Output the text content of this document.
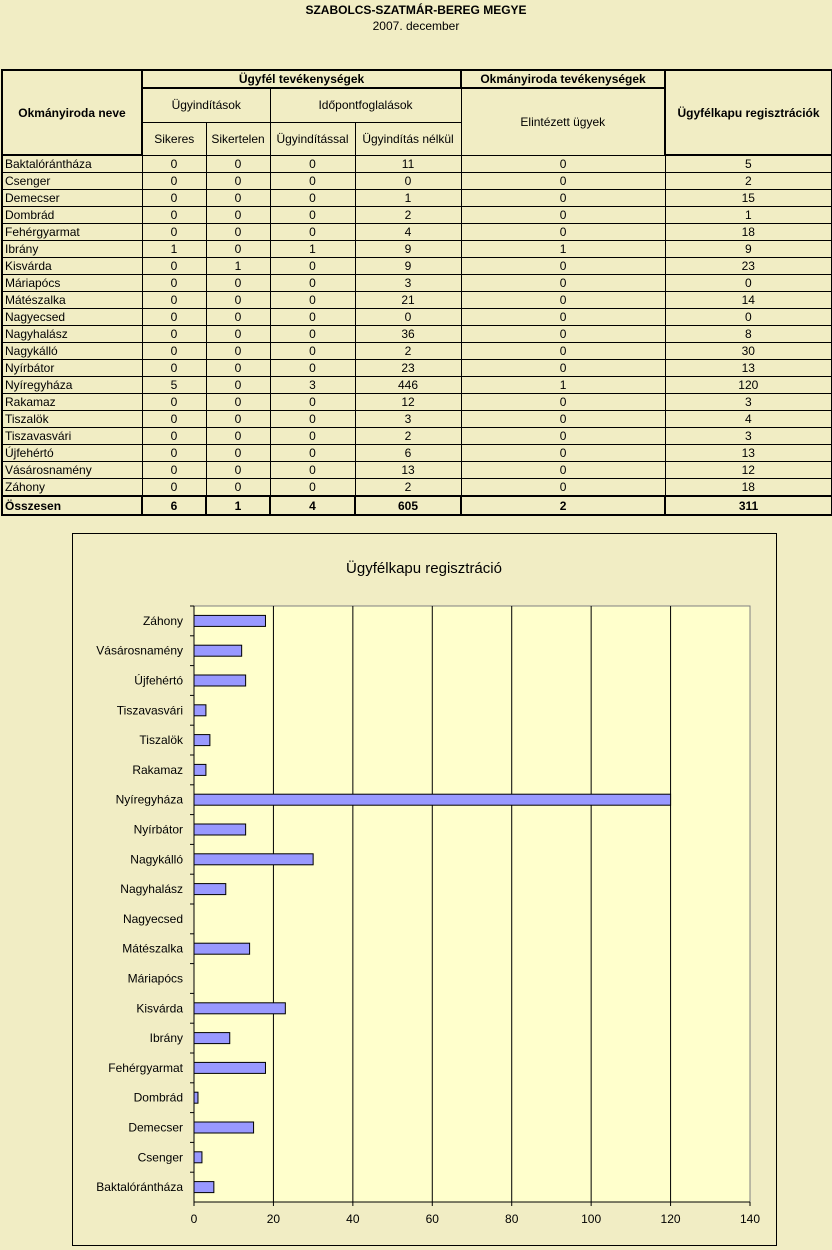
SZABOLCS-SZATMÁR-BEREG MEGYE
2007. december
Okmányiroda neve	Ügyfél tevékenységek				Okmányiroda tevékenységek	Ügyfélkapu regisztrációk
	Ügyindítások		Időpontfoglalások		Elintézett ügyek	
	Sikeres	Sikertelen	Ügyindítással	Ügyindítás nélkül		
Baktalórántháza	0	0	0	11	0	5
Csenger	0	0	0	0	0	2
Demecser	0	0	0	1	0	15
Dombrád	0	0	0	2	0	1
Fehérgyarmat	0	0	0	4	0	18
Ibrány	1	0	1	9	1	9
Kisvárda	0	1	0	9	0	23
Máriapócs	0	0	0	3	0	0
Mátészalka	0	0	0	21	0	14
Nagyecsed	0	0	0	0	0	0
Nagyhalász	0	0	0	36	0	8
Nagykálló	0	0	0	2	0	30
Nyírbátor	0	0	0	23	0	13
Nyíregyháza	5	0	3	446	1	120
Rakamaz	0	0	0	12	0	3
Tiszalök	0	0	0	3	0	4
Tiszavasvári	0	0	0	2	0	3
Újfehértó	0	0	0	6	0	13
Vásárosnamény	0	0	0	13	0	12
Záhony	0	0	0	2	0	18
Összesen	6	1	4	605	2	311
Ügyfélkapu regisztráció
0	20	40	60	80	100	120	140
Záhony
Vásárosnamény
Újfehértó
Tiszavasvári
Tiszalök
Rakamaz
Nyíregyháza
Nyírbátor
Nagykálló
Nagyhalász
Nagyecsed
Mátészalka
Máriapócs
Kisvárda
Ibrány
Fehérgyarmat
Dombrád
Demecser
Csenger
Baktalórántháza
